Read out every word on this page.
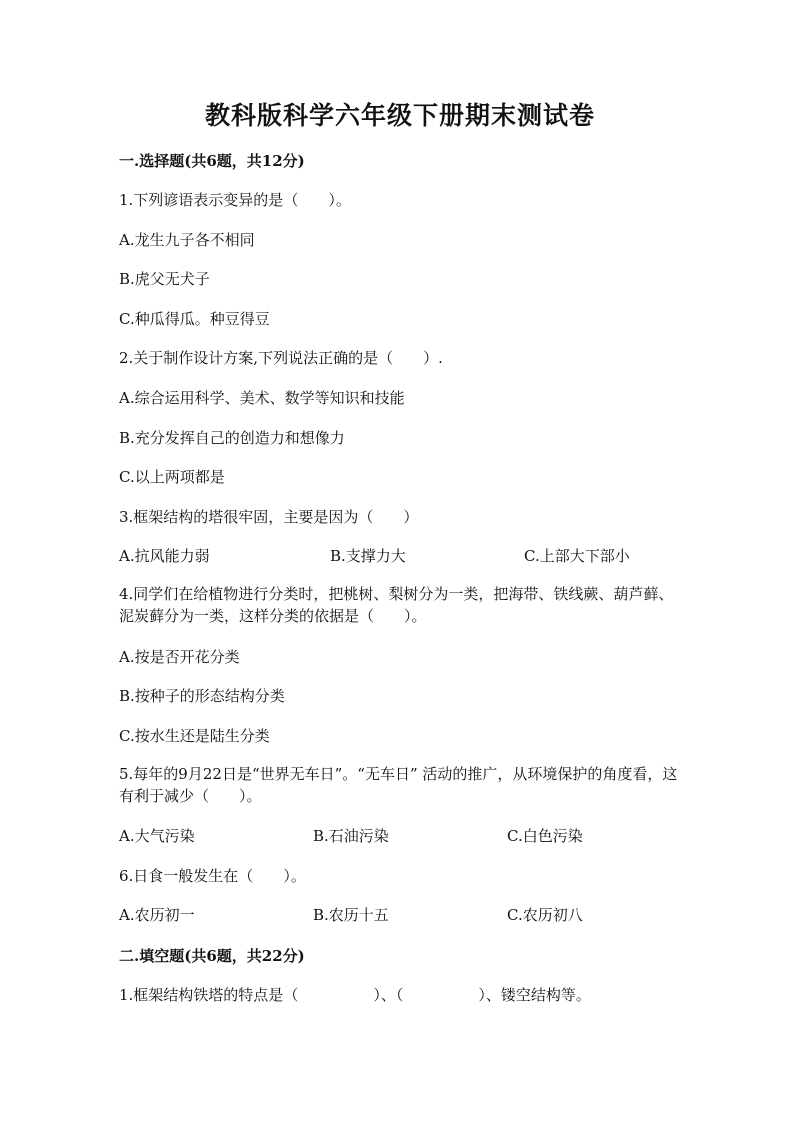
教科版科学六年级下册期末测试卷
一.选择题(共6题，共12分)
1.下列谚语表示变异的是（　　）。
A.龙生九子各不相同
B.虎父无犬子
C.种瓜得瓜。种豆得豆
2.关于制作设计方案,下列说法正确的是（　　）.
A.综合运用科学、美术、数学等知识和技能
B.充分发挥自己的创造力和想像力
C.以上两项都是
3.框架结构的塔很牢固，主要是因为（　　）
A.抗风能力弱	B.支撑力大	C.上部大下部小
4.同学们在给植物进行分类时，把桃树、梨树分为一类，把海带、铁线蕨、葫芦藓、泥炭藓分为一类，这样分类的依据是（　　）。
A.按是否开花分类
B.按种子的形态结构分类
C.按水生还是陆生分类
5.每年的9月22日是“世界无车日”。“无车日” 活动的推广，从环境保护的角度看，这有利于减少（　　）。
A.大气污染	B.石油污染	C.白色污染
6.日食一般发生在（　　）。
A.农历初一	B.农历十五	C.农历初八
二.填空题(共6题，共22分)
1.框架结构铁塔的特点是（　　　　　）、（　　　　　）、镂空结构等。
